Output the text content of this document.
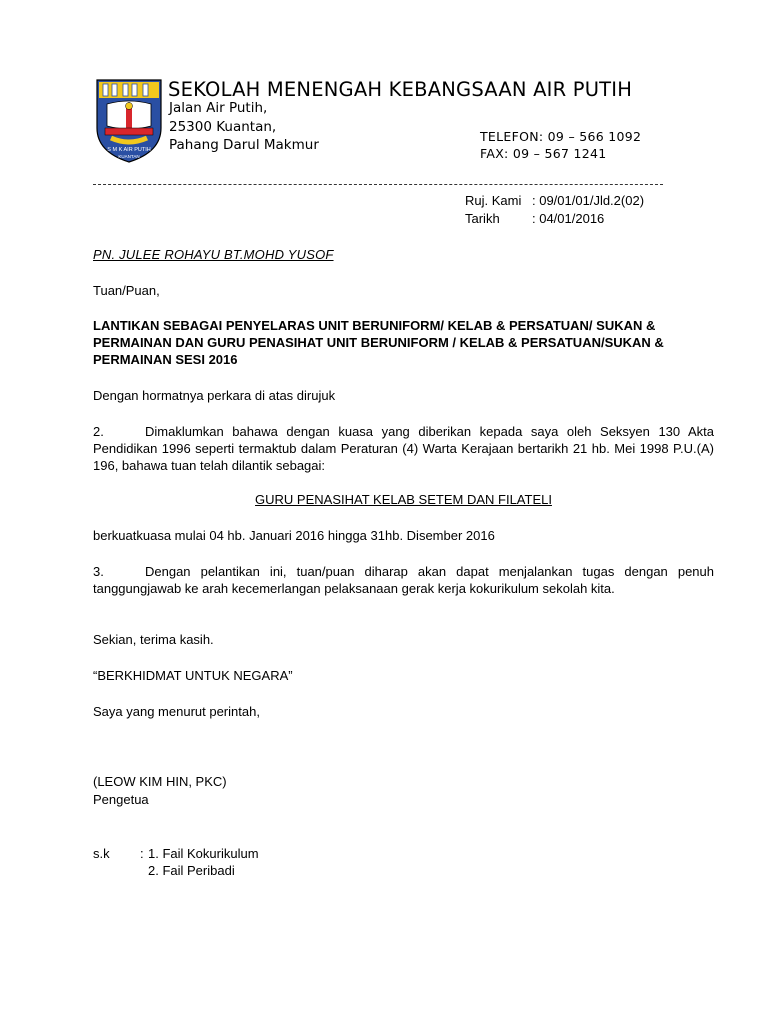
S M K AIR PUTIH
KUANTAN
SEKOLAH MENENGAH KEBANGSAAN AIR PUTIH
Jalan Air Putih,
25300 Kuantan,
Pahang Darul Makmur
TELEFON: 09 – 566 1092
FAX: 09 – 567 1241
Ruj. Kami : 09/01/01/Jld.2(02)
Tarikh : 04/01/2016
PN. JULEE ROHAYU BT.MOHD YUSOF
Tuan/Puan,
LANTIKAN SEBAGAI PENYELARAS UNIT BERUNIFORM/ KELAB & PERSATUAN/ SUKAN & PERMAINAN DAN GURU PENASIHAT UNIT BERUNIFORM / KELAB & PERSATUAN/SUKAN & PERMAINAN SESI 2016
Dengan hormatnya perkara di atas dirujuk
2.	Dimaklumkan bahawa dengan kuasa yang diberikan kepada saya oleh Seksyen 130 Akta Pendidikan 1996 seperti termaktub dalam Peraturan (4) Warta Kerajaan bertarikh 21 hb. Mei 1998 P.U.(A) 196, bahawa tuan telah dilantik sebagai:
GURU PENASIHAT KELAB SETEM DAN FILATELI
berkuatkuasa mulai 04 hb. Januari 2016 hingga 31hb. Disember 2016
3.	Dengan pelantikan ini, tuan/puan diharap akan dapat menjalankan tugas dengan penuh tanggungjawab ke arah kecemerlangan pelaksanaan gerak kerja kokurikulum sekolah kita.
Sekian, terima kasih.
“BERKHIDMAT UNTUK NEGARA”
Saya yang menurut perintah,
(LEOW KIM HIN, PKC)
Pengetua
s.k : 1. Fail Kokurikulum
2. Fail Peribadi
